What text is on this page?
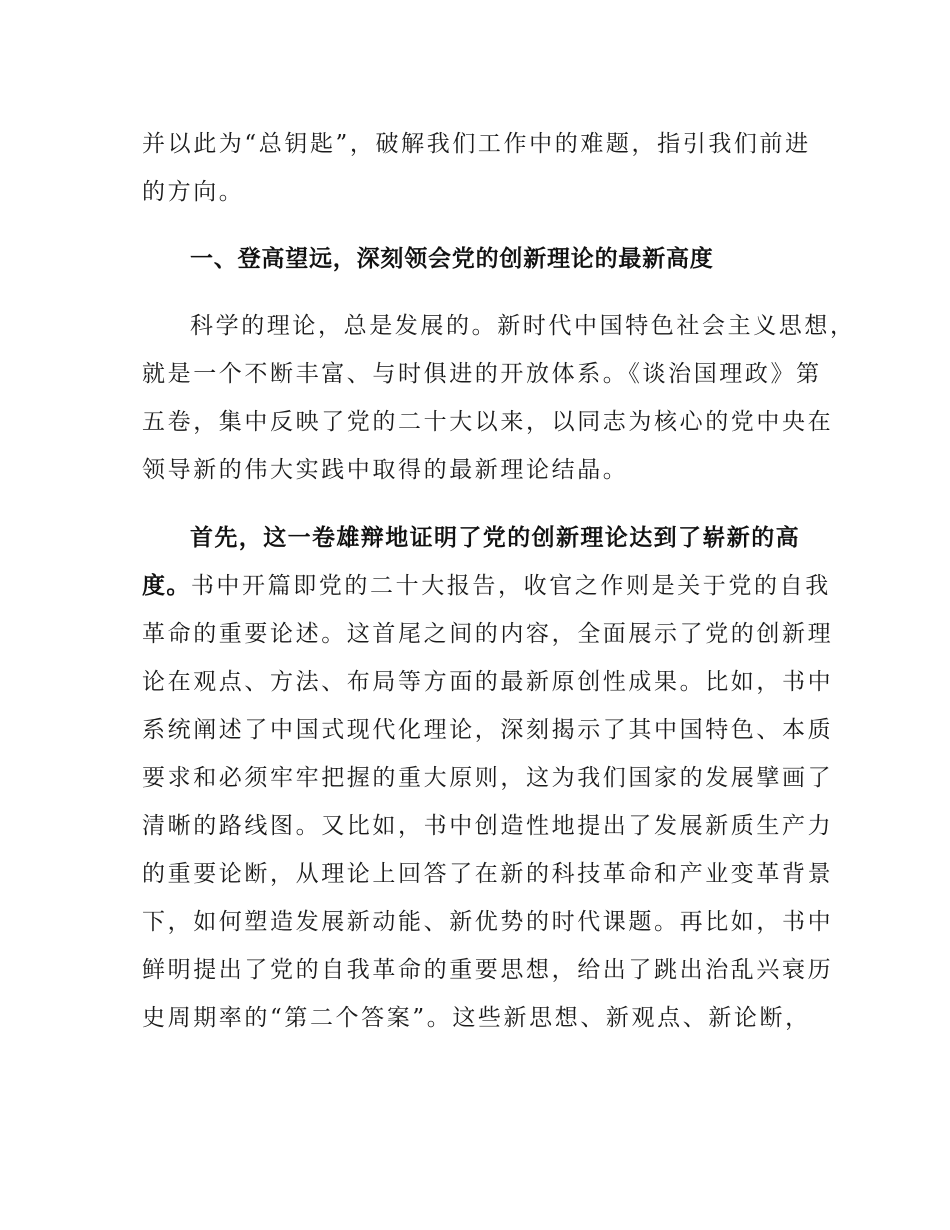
并以此为“总钥匙”，破解我们工作中的难题，指引我们前进
的方向。
一、登高望远，深刻领会党的创新理论的最新高度
科学的理论，总是发展的。新时代中国特色社会主义思想，
就是一个不断丰富、与时俱进的开放体系。《谈治国理政》第
五卷，集中反映了党的二十大以来，以同志为核心的党中央在
领导新的伟大实践中取得的最新理论结晶。
首先，这一卷雄辩地证明了党的创新理论达到了崭新的高
度。书中开篇即党的二十大报告，收官之作则是关于党的自我
革命的重要论述。这首尾之间的内容，全面展示了党的创新理
论在观点、方法、布局等方面的最新原创性成果。比如，书中
系统阐述了中国式现代化理论，深刻揭示了其中国特色、本质
要求和必须牢牢把握的重大原则，这为我们国家的发展擘画了
清晰的路线图。又比如，书中创造性地提出了发展新质生产力
的重要论断，从理论上回答了在新的科技革命和产业变革背景
下，如何塑造发展新动能、新优势的时代课题。再比如，书中
鲜明提出了党的自我革命的重要思想，给出了跳出治乱兴衰历
史周期率的“第二个答案”。这些新思想、新观点、新论断，
